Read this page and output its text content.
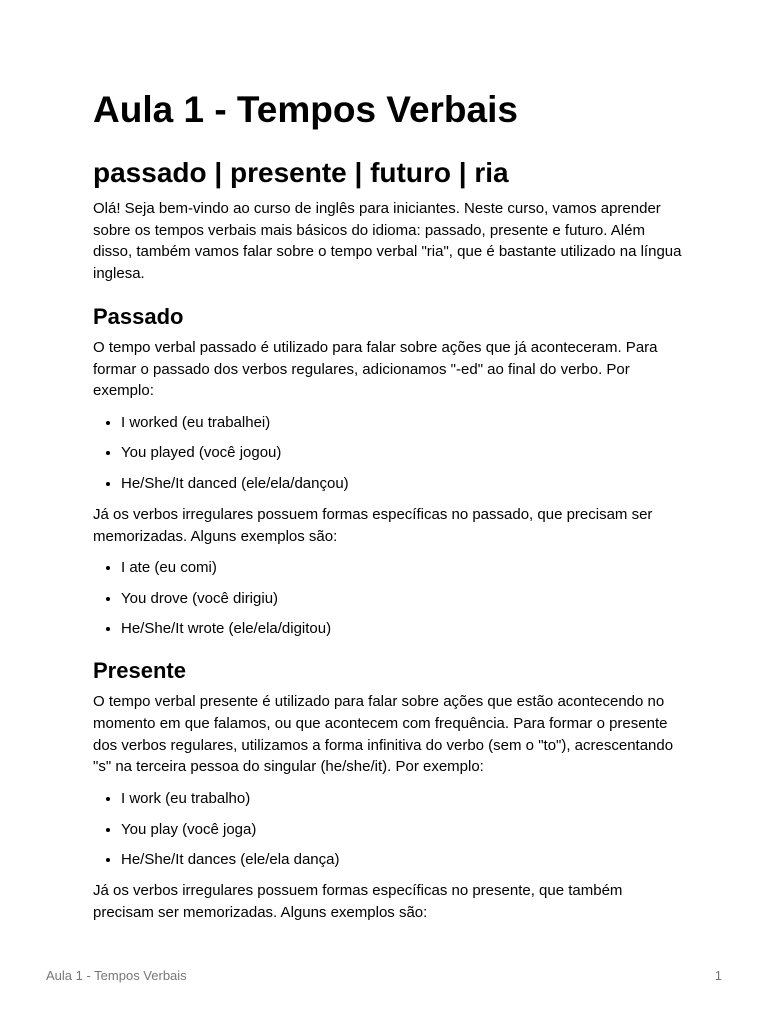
Aula 1 - Tempos Verbais
passado | presente | futuro | ria

Olá! Seja bem-vindo ao curso de inglês para iniciantes. Neste curso, vamos aprender sobre os tempos verbais mais básicos do idioma: passado, presente e futuro. Além disso, também vamos falar sobre o tempo verbal "ria", que é bastante utilizado na língua inglesa.

Passado

O tempo verbal passado é utilizado para falar sobre ações que já aconteceram. Para formar o passado dos verbos regulares, adicionamos "-ed" ao final do verbo. Por exemplo:

• I worked (eu trabalhei)
• You played (você jogou)
• He/She/It danced (ele/ela/dançou)

Já os verbos irregulares possuem formas específicas no passado, que precisam ser memorizadas. Alguns exemplos são:

• I ate (eu comi)
• You drove (você dirigiu)
• He/She/It wrote (ele/ela/digitou)
Presente

O tempo verbal presente é utilizado para falar sobre ações que estão acontecendo no momento em que falamos, ou que acontecem com frequência. Para formar o presente dos verbos regulares, utilizamos a forma infinitiva do verbo (sem o "to"), acrescentando "s" na terceira pessoa do singular (he/she/it). Por exemplo:

• I work (eu trabalho)
• You play (você joga)
• He/She/It dances (ele/ela dança)

Já os verbos irregulares possuem formas específicas no presente, que também precisam ser memorizadas. Alguns exemplos são:

Aula 1 - Tempos Verbais	1
